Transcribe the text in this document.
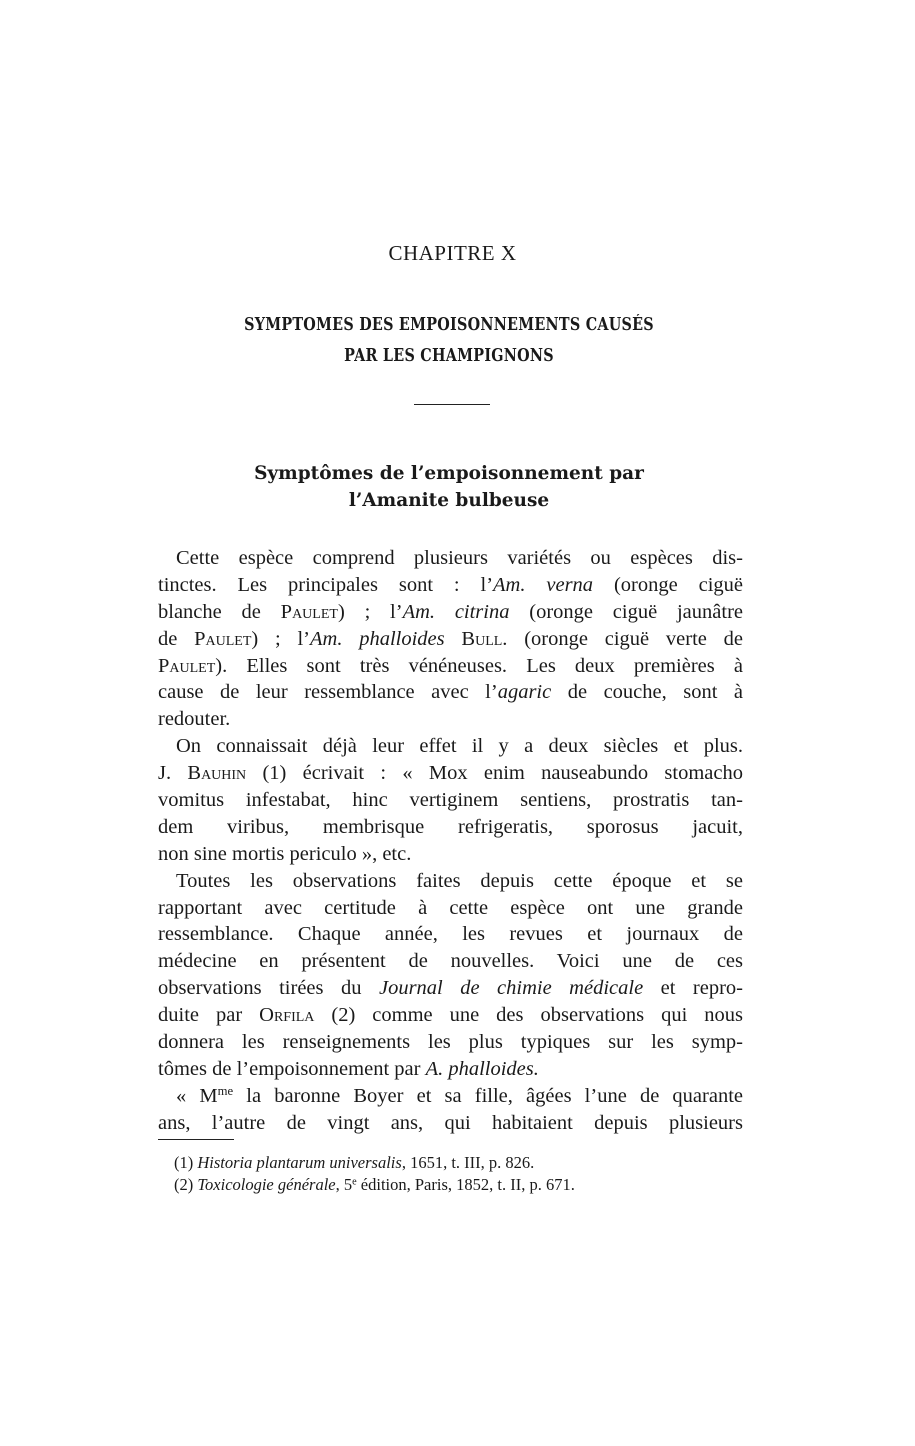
CHAPITRE X
SYMPTOMES DES EMPOISONNEMENTS CAUSÉS
PAR LES CHAMPIGNONS
Symptômes de l’empoisonnement par
l’Amanite bulbeuse
Cette espèce comprend plusieurs variétés ou espèces dis-
tinctes. Les principales sont : l’Am. verna (oronge ciguë
blanche de Paulet) ; l’Am. citrina (oronge ciguë jaunâtre
de Paulet) ; l’Am. phalloides Bull. (oronge ciguë verte de
Paulet). Elles sont très vénéneuses. Les deux premières à
cause de leur ressemblance avec l’agaric de couche, sont à
redouter.
On connaissait déjà leur effet il y a deux siècles et plus.
J. Bauhin (1) écrivait : « Mox enim nauseabundo stomacho
vomitus infestabat, hinc vertiginem sentiens, prostratis tan-
dem viribus, membrisque refrigeratis, sporosus jacuit,
non sine mortis periculo », etc.
Toutes les observations faites depuis cette époque et se
rapportant avec certitude à cette espèce ont une grande
ressemblance. Chaque année, les revues et journaux de
médecine en présentent de nouvelles. Voici une de ces
observations tirées du Journal de chimie médicale et repro-
duite par Orfila (2) comme une des observations qui nous
donnera les renseignements les plus typiques sur les symp-
tômes de l’empoisonnement par A. phalloides.
« $M^{me}$ la baronne Boyer et sa fille, âgées l’une de quarante
ans, l’autre de vingt ans, qui habitaient depuis plusieurs
(1) Historia plantarum universalis, 1651, t. III, p. 826.
(2) Toxicologie générale, 5e édition, Paris, 1852, t. II, p. 671.
